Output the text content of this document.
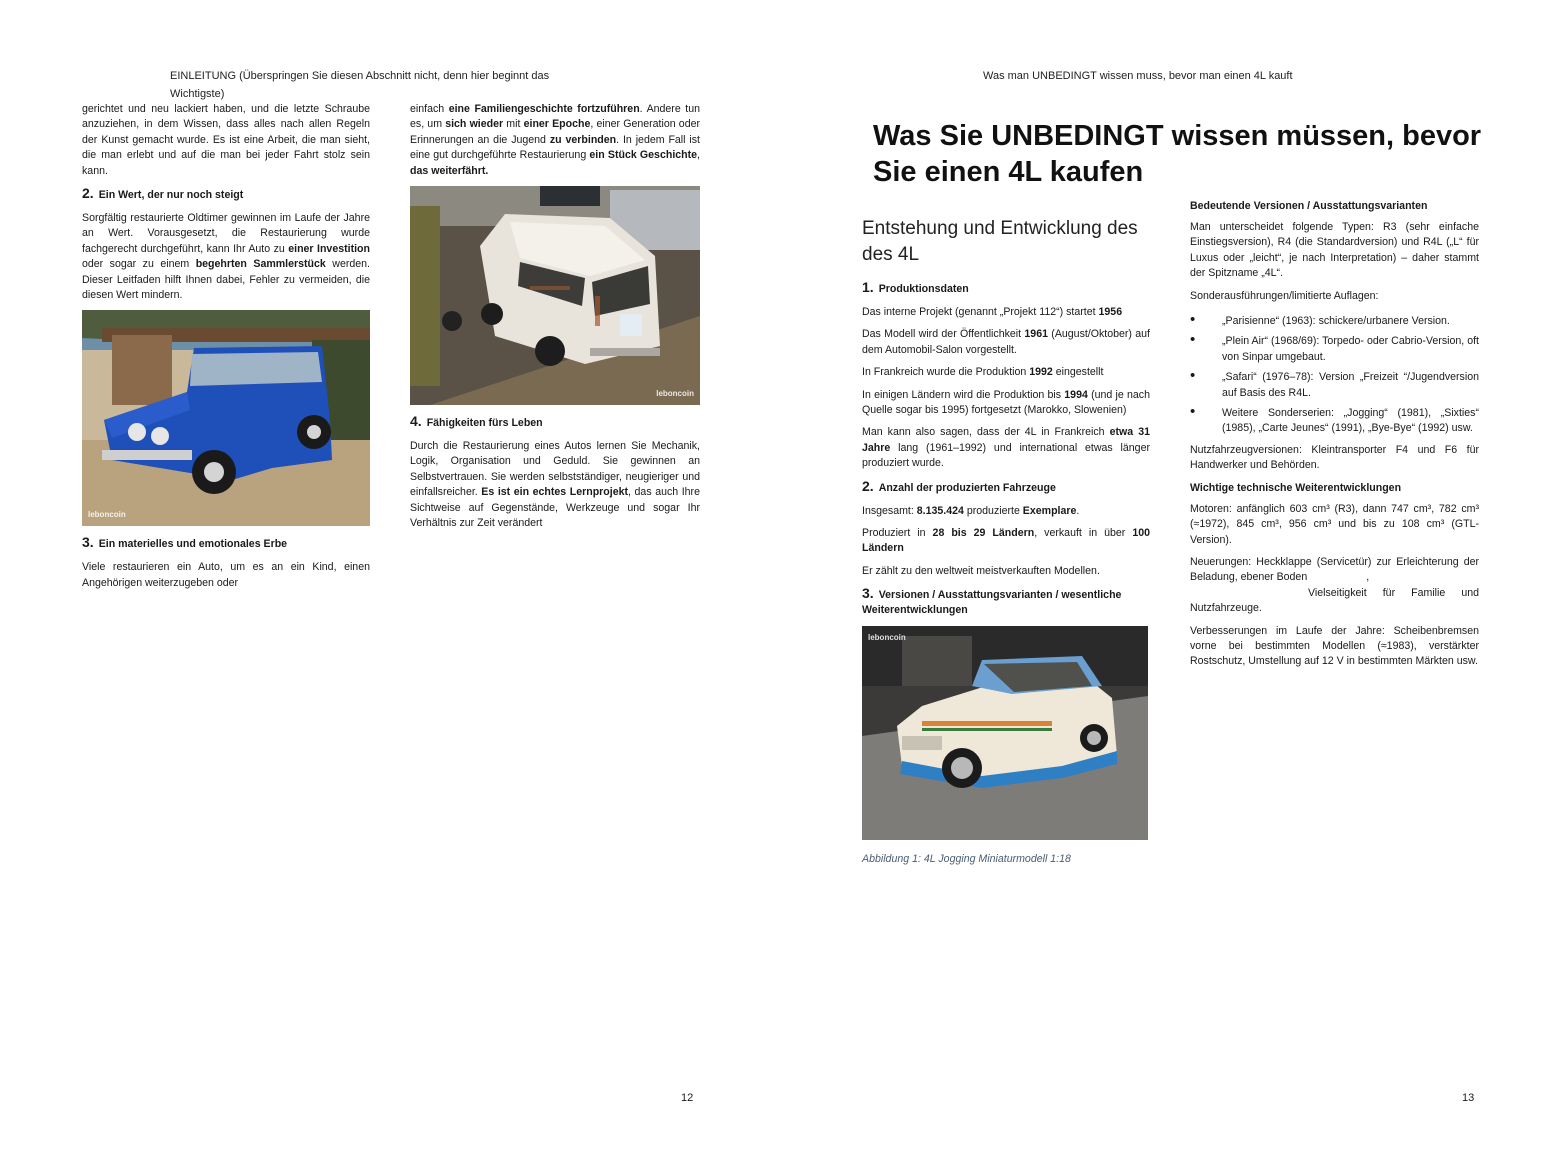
EINLEITUNG (Überspringen Sie diesen Abschnitt nicht, denn hier beginnt das
Wichtigste)

gerichtet und neu lackiert haben, und die letzte Schraube anzuziehen, in dem Wissen, dass alles nach allen Regeln der Kunst gemacht wurde. Es ist eine Arbeit, die man sieht, die man erlebt und auf die man bei jeder Fahrt stolz sein kann.

2. Ein Wert, der nur noch steigt

Sorgfältig restaurierte Oldtimer gewinnen im Laufe der Jahre an Wert. Vorausgesetzt, die Restaurierung wurde fachgerecht durchgeführt, kann Ihr Auto zu einer Investition oder sogar zu einem begehrten Sammlerstück werden. Dieser Leitfaden hilft Ihnen dabei, Fehler zu vermeiden, die diesen Wert mindern.

leboncoin
3. Ein materielles und emotionales Erbe

Viele restaurieren ein Auto, um es an ein Kind, einen Angehörigen weiterzugeben oder

einfach eine Familiengeschichte fortzuführen. Andere tun es, um sich wieder mit einer Epoche, einer Generation oder Erinnerungen an die Jugend zu verbinden. In jedem Fall ist eine gut durchgeführte Restaurierung ein Stück Geschichte, das weiterfährt.

leboncoin
4. Fähigkeiten fürs Leben

Durch die Restaurierung eines Autos lernen Sie Mechanik, Logik, Organisation und Geduld. Sie gewinnen an Selbstvertrauen. Sie werden selbstständiger, neugieriger und einfallsreicher. Es ist ein echtes Lernprojekt, das auch Ihre Sichtweise auf Gegenstände, Werkzeuge und sogar Ihr Verhältnis zur Zeit verändert

12
Was man UNBEDINGT wissen muss, bevor man einen 4L kauft
13
Was Sie UNBEDINGT wissen müssen, bevor Sie einen 4L kaufen
Entstehung und Entwicklung des des 4L
1. Produktionsdaten

Das interne Projekt (genannt „Projekt 112“) startet 1956

Das Modell wird der Öffentlichkeit 1961 (August/Oktober) auf dem Automobil-Salon vorgestellt.

In Frankreich wurde die Produktion 1992 eingestellt

In einigen Ländern wird die Produktion bis 1994 (und je nach Quelle sogar bis 1995) fortgesetzt (Marokko, Slowenien)

Man kann also sagen, dass der 4L in Frankreich etwa 31 Jahre lang (1961–1992) und international etwas länger produziert wurde.

2. Anzahl der produzierten Fahrzeuge

Insgesamt: 8.135.424 produzierte Exemplare.

Produziert in 28 bis 29 Ländern, verkauft in über 100 Ländern

Er zählt zu den weltweit meistverkauften Modellen.

3. Versionen / Ausstattungsvarianten / wesentliche Weiterentwicklungen
leboncoin
Abbildung 1: 4L Jogging Miniaturmodell 1:18
Bedeutende Versionen / Ausstattungsvarianten

Man unterscheidet folgende Typen: R3 (sehr einfache Einstiegsversion), R4 (die Standardversion) und R4L („L“ für Luxus oder „leicht“, je nach Interpretation) – daher stammt der Spitzname „4L“.

Sonderausführungen/limitierte Auflagen:

• „Parisienne“ (1963): schickere/urbanere Version.
• „Plein Air“ (1968/69): Torpedo- oder Cabrio-Version, oft von Sinpar umgebaut.
• „Safari“ (1976–78): Version „Freizeit “/Jugendversion auf Basis des R4L.
• Weitere Sonderserien: „Jogging“ (1981), „Sixties“ (1985), „Carte Jeunes“ (1991), „Bye-Bye“ (1992) usw.

Nutzfahrzeugversionen: Kleintransporter F4 und F6 für Handwerker und Behörden.

Wichtige technische Weiterentwicklungen

Motoren: anfänglich 603 cm³ (R3), dann 747 cm³, 782 cm³ (≈1972), 845 cm³, 956 cm³ und bis zu 108 cm³ (GTL-Version).

Neuerungen: Heckklappe (Servicetür) zur Erleichterung der Beladung, ebener Boden	,
Vielseitigkeit für Familie und Nutzfahrzeuge.

Verbesserungen im Laufe der Jahre: Scheibenbremsen vorne bei bestimmten Modellen (≈1983), verstärkter Rostschutz, Umstellung auf 12 V in bestimmten Märkten usw.
